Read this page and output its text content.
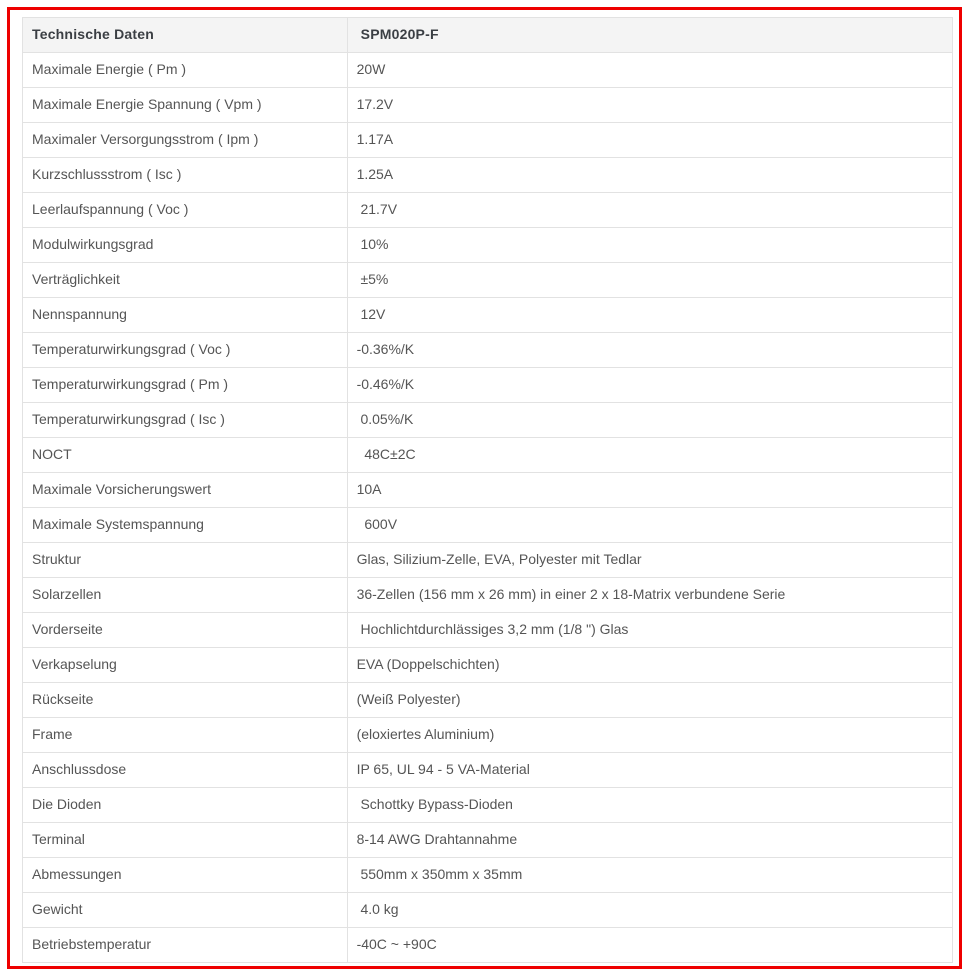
Technische Daten	SPM020P-F
Maximale Energie ( Pm )	20W
Maximale Energie Spannung ( Vpm )	17.2V
Maximaler Versorgungsstrom ( Ipm )	1.17A
Kurzschlussstrom ( Isc )	1.25A
Leerlaufspannung ( Voc )	21.7V
Modulwirkungsgrad	10%
Verträglichkeit	±5%
Nennspannung	12V
Temperaturwirkungsgrad ( Voc )	-0.36%/K
Temperaturwirkungsgrad ( Pm )	-0.46%/K
Temperaturwirkungsgrad ( Isc )	0.05%/K
NOCT	48C±2C
Maximale Vorsicherungswert	10A
Maximale Systemspannung	600V
Struktur	Glas, Silizium-Zelle, EVA, Polyester mit Tedlar
Solarzellen	36-Zellen (156 mm x 26 mm) in einer 2 x 18-Matrix verbundene Serie
Vorderseite	Hochlichtdurchlässiges 3,2 mm (1/8 ") Glas
Verkapselung	EVA (Doppelschichten)
Rückseite	(Weiß Polyester)
Frame	(eloxiertes Aluminium)
Anschlussdose	IP 65, UL 94 - 5 VA-Material
Die Dioden	Schottky Bypass-Dioden
Terminal	8-14 AWG Drahtannahme
Abmessungen	550mm x 350mm x 35mm
Gewicht	4.0 kg
Betriebstemperatur	-40C ~ +90C
